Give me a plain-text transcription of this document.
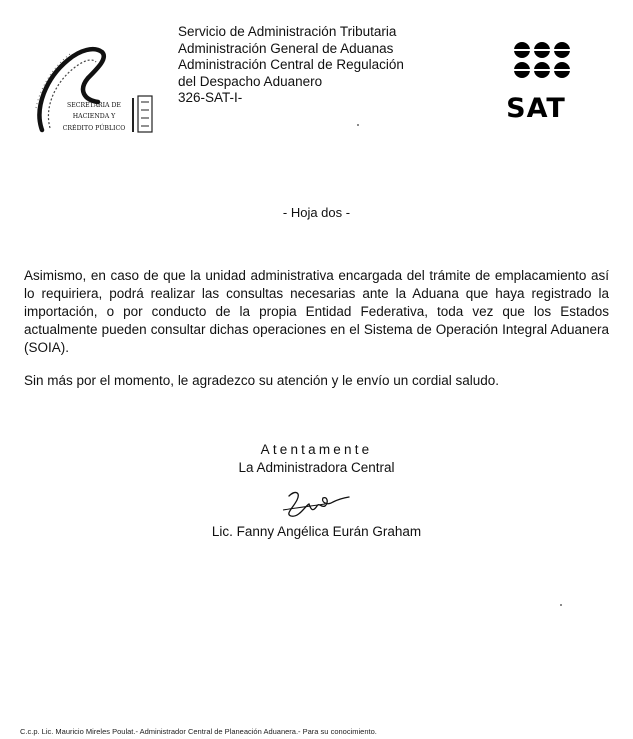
SECRETARIA DE
HACIENDA Y
CRÉDITO PÚBLICO
Servicio de Administración Tributaria
Administración General de Aduanas
Administración Central de Regulación
del Despacho Aduanero
326-SAT-I-	SAT
- Hoja dos -
Asimismo, en caso de que la unidad administrativa encargada del trámite de emplacamiento así lo requiriera, podrá realizar las consultas necesarias ante la Aduana que haya registrado la importación, o por conducto de la propia Entidad Federativa, toda vez que los Estados actualmente pueden consultar dichas operaciones en el Sistema de Operación Integral Aduanera (SOIA).
Sin más por el momento, le agradezco su atención y le envío un cordial saludo.
Atentamente
La Administradora Central
Lic. Fanny Angélica Eurán Graham
C.c.p. Lic. Mauricio Mireles Poulat.- Administrador Central de Planeación Aduanera.- Para su conocimiento.
